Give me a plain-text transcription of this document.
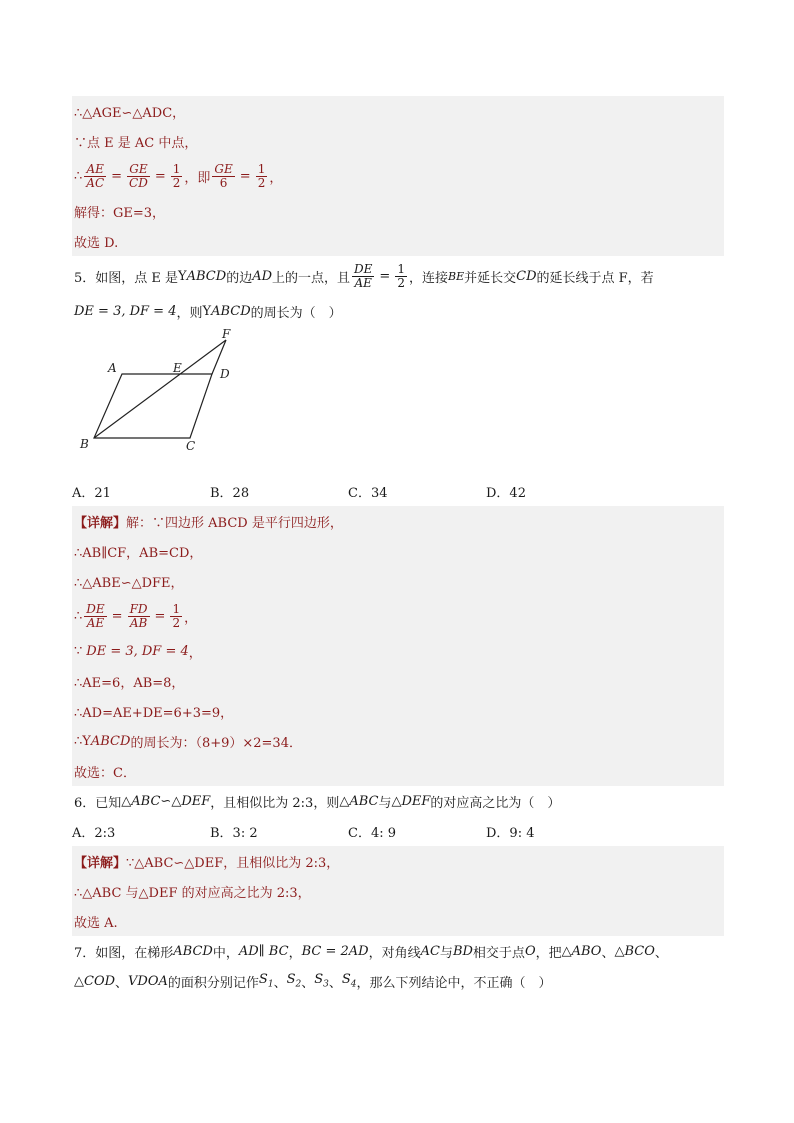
∴△AGE∽△ADC，
∵点 E 是 AC 中点，
∴ $\frac{AE}{AC} = \frac{GE}{CD} = \frac{1}{2}$ ，即 $\frac{GE}{6} = \frac{1}{2}$ ，
解得：GE=3，
故选 D.
5．如图，点 E 是 Y ABCD 的边 AD 上的一点，且 $\frac{DE}{AE} = \frac{1}{2}$ ，连接 BE 并延长交 CD 的延长线于点 F，若
DE = 3, DF = 4 ，则 Y ABCD 的周长为（　）
A	E
F
D
B	C
A．21	B．28	C．34	D．42
【详解】 解：∵四边形 ABCD 是平行四边形，
∴AB∥CF，AB=CD，
∴△ABE∽△DFE，
∴ $\frac{DE}{AE} = \frac{FD}{AB} = \frac{1}{2}$ ，
∵ DE = 3, DF = 4 ，
∴AE=6，AB=8，
∴AD=AE+DE=6+3=9，
∴ Y ABCD 的周长为：（8+9）×2=34．
故选：C．
6．已知 △ABC ∽ △DEF ，且相似比为 2:3，则 △ABC 与 △DEF 的对应高之比为（　）
A．2:3	B．3: 2	C．4: 9	D．9: 4
【详解】 ∵△ABC∽△DEF，且相似比为 2:3，
∴△ABC 与△DEF 的对应高之比为 2:3，
故选 A.
7．如图，在梯形 ABCD 中， AD∥ BC ， BC = 2AD ，对角线 AC 与 BD 相交于点 O ，把 △ABO 、 △BCO 、
△COD 、 VDOA 的面积分别记作 $S_1$ 、 $S_2$ 、 $S_3$ 、 $S_4$ ，那么下列结论中，不正确（　）
